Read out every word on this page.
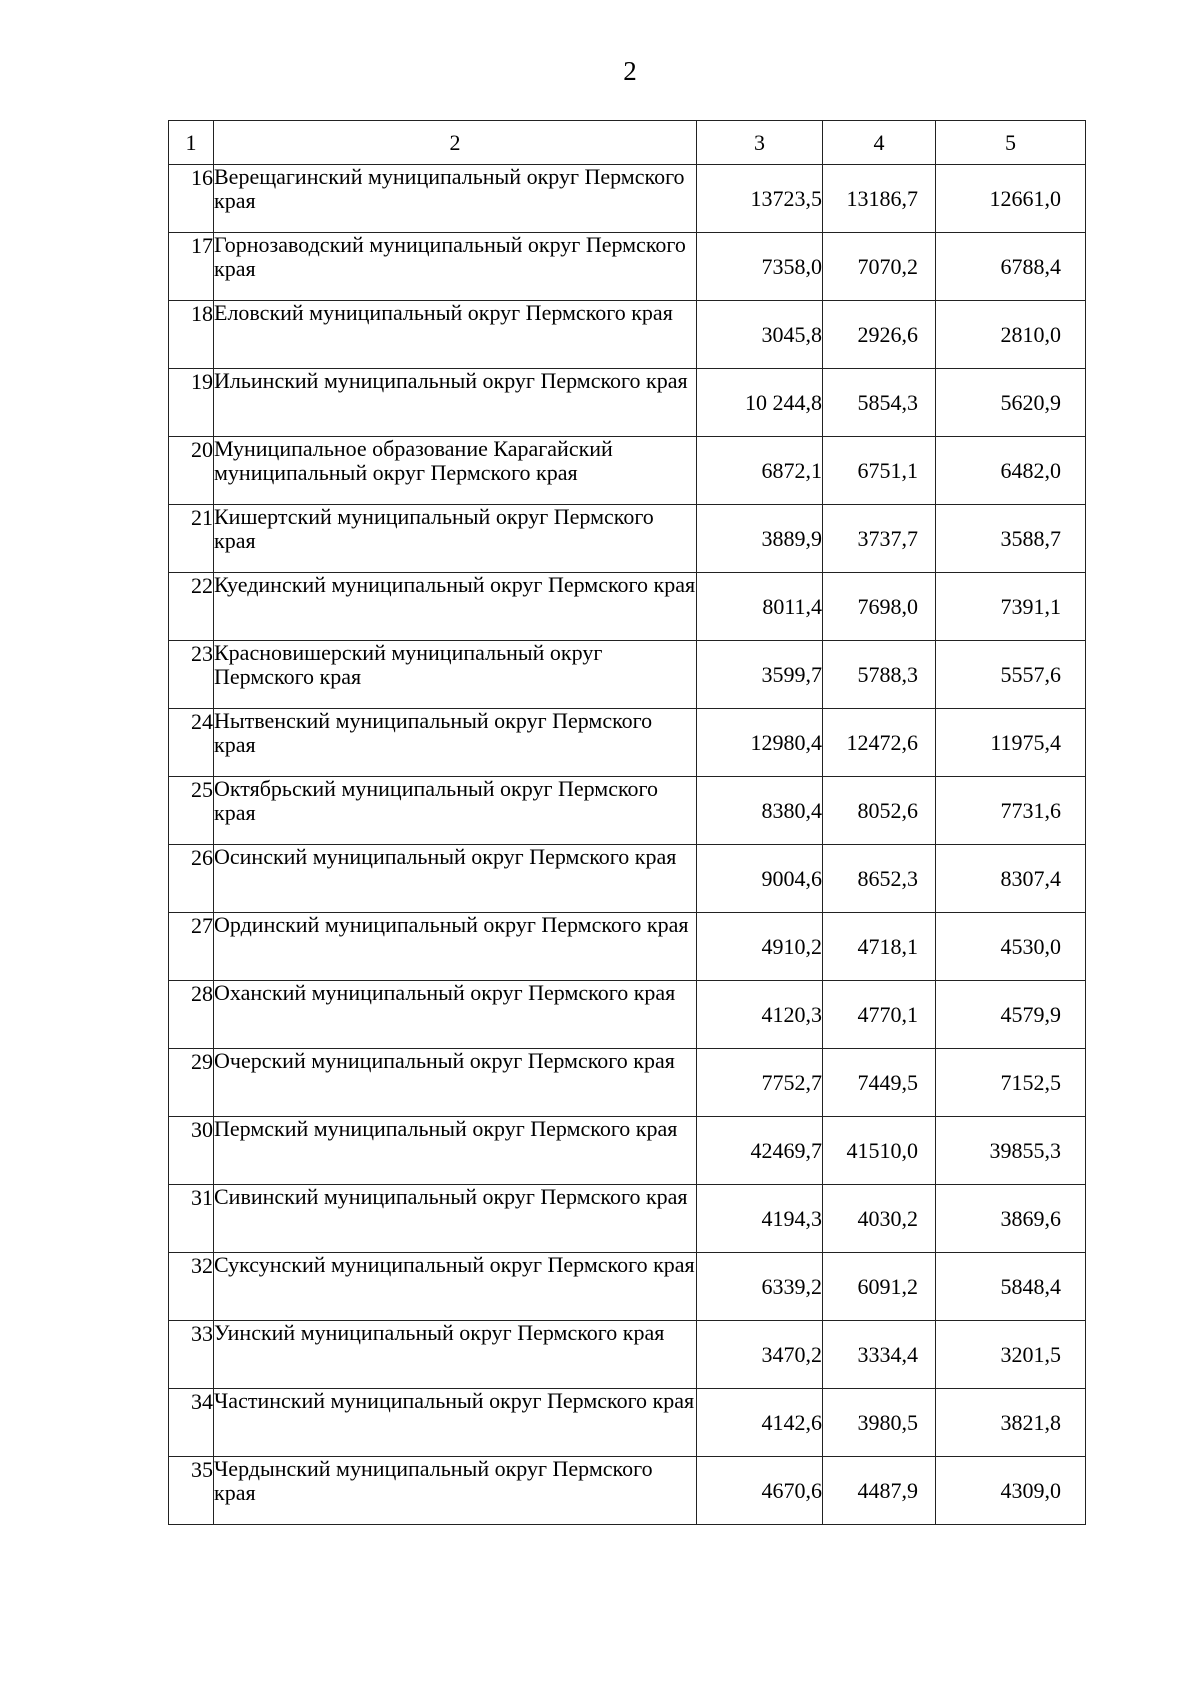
2
1	2	3	4	5
16	Верещагинский муниципальный округ Пермского края	13723,5	13186,7	12661,0
17	Горнозаводский муниципальный округ Пермского края	7358,0	7070,2	6788,4
18	Еловский муниципальный округ Пермского края	3045,8	2926,6	2810,0
19	Ильинский муниципальный округ Пермского края	10 244,8	5854,3	5620,9
20	Муниципальное образование Карагайский муниципальный округ Пермского края	6872,1	6751,1	6482,0
21	Кишертский муниципальный округ Пермского края	3889,9	3737,7	3588,7
22	Куединский муниципальный округ Пермского края	8011,4	7698,0	7391,1
23	Красновишерский муниципальный округ Пермского края	3599,7	5788,3	5557,6
24	Нытвенский муниципальный округ Пермского края	12980,4	12472,6	11975,4
25	Октябрьский муниципальный округ Пермского края	8380,4	8052,6	7731,6
26	Осинский муниципальный округ Пермского края	9004,6	8652,3	8307,4
27	Ординский муниципальный округ Пермского края	4910,2	4718,1	4530,0
28	Оханский муниципальный округ Пермского края	4120,3	4770,1	4579,9
29	Очерский муниципальный округ Пермского края	7752,7	7449,5	7152,5
30	Пермский муниципальный округ Пермского края	42469,7	41510,0	39855,3
31	Сивинский муниципальный округ Пермского края	4194,3	4030,2	3869,6
32	Суксунский муниципальный округ Пермского края	6339,2	6091,2	5848,4
33	Уинский муниципальный округ Пермского края	3470,2	3334,4	3201,5
34	Частинский муниципальный округ Пермского края	4142,6	3980,5	3821,8
35	Чердынский муниципальный округ Пермского края	4670,6	4487,9	4309,0
